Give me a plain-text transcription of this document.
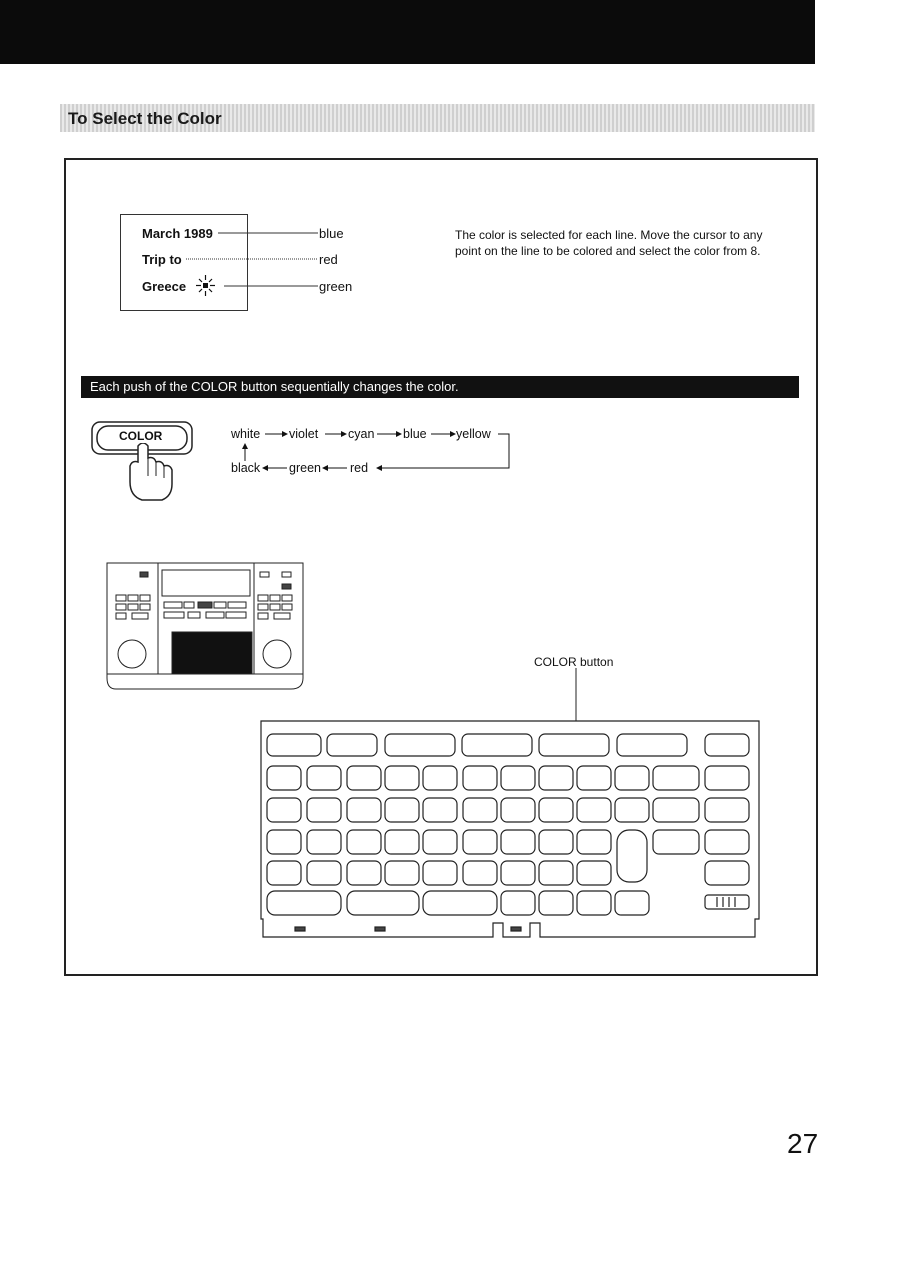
To Select the Color
March 1989
Trip to
Greece
blue
red
green
The color is selected for each line. Move the cursor to any point on the line to be colored and select the color from 8.
Each push of the COLOR button sequentially changes the color.
COLOR	white violet cyan blue yellow
black green red
COLOR button
27
